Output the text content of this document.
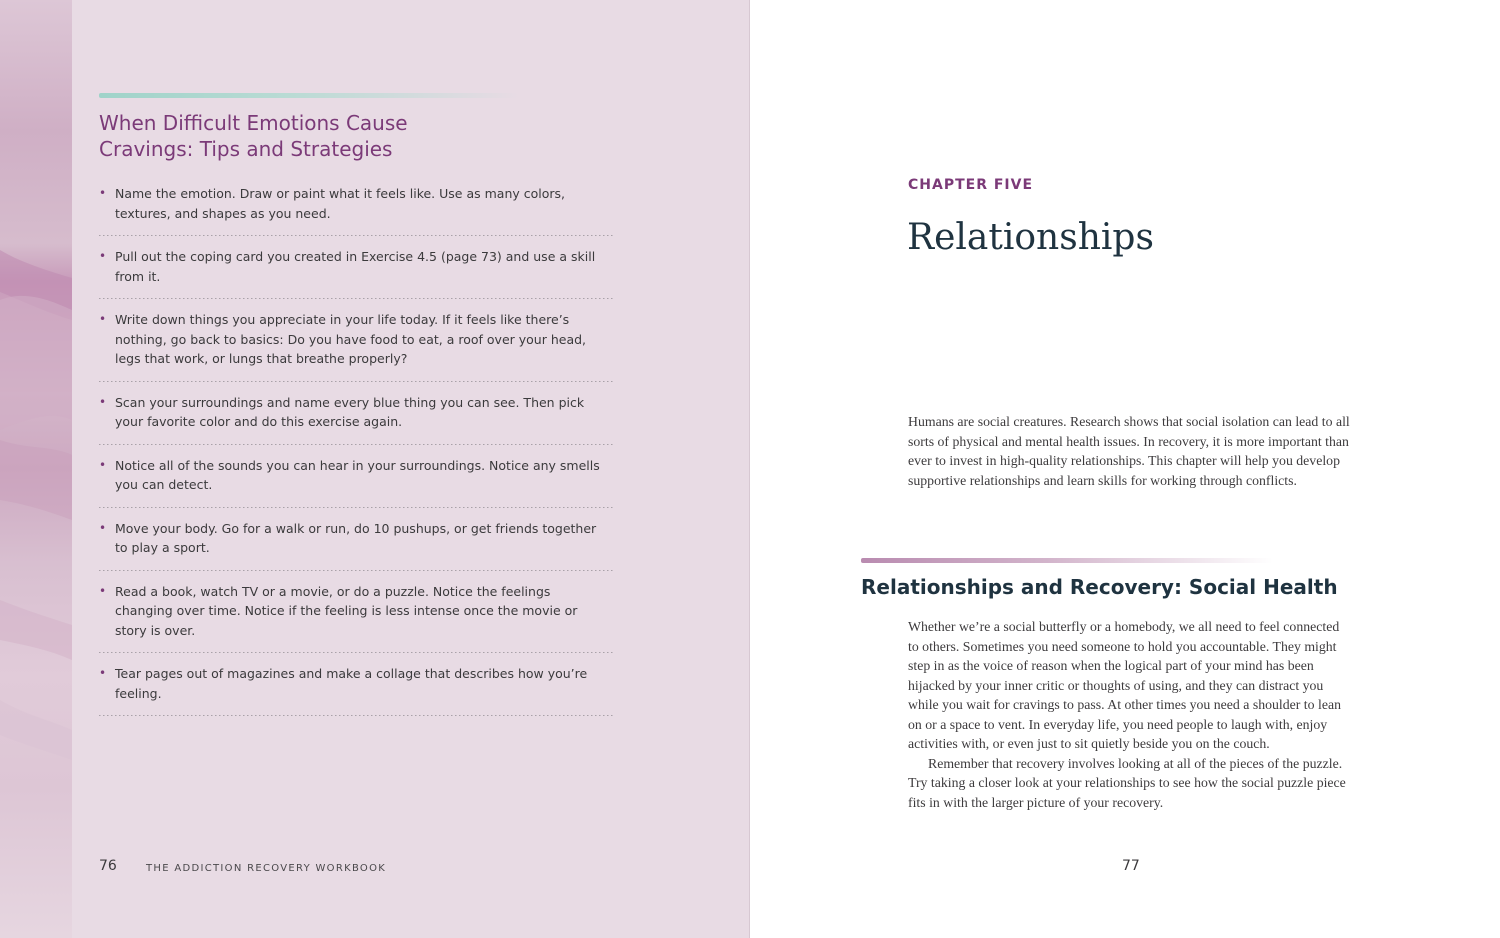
When Difficult Emotions Cause
Cravings: Tips and Strategies
• Name the emotion. Draw or paint what it feels like. Use as many colors, textures, and shapes as you need.
• Pull out the coping card you created in Exercise 4.5 (page 73) and use a skill from it.
• Write down things you appreciate in your life today. If it feels like there’s nothing, go back to basics: Do you have food to eat, a roof over your head, legs that work, or lungs that breathe properly?
• Scan your surroundings and name every blue thing you can see. Then pick your favorite color and do this exercise again.
• Notice all of the sounds you can hear in your surroundings. Notice any smells you can detect.
• Move your body. Go for a walk or run, do 10 pushups, or get friends together to play a sport.
• Read a book, watch TV or a movie, or do a puzzle. Notice the feelings changing over time. Notice if the feeling is less intense once the movie or story is over.
• Tear pages out of magazines and make a collage that describes how you’re feeling.
76	THE ADDICTION RECOVERY WORKBOOK
CHAPTER FIVE
Relationships

Humans are social creatures. Research shows that social isolation can lead to all sorts of physical and mental health issues. In recovery, it is more important than ever to invest in high-quality relationships. This chapter will help you develop supportive relationships and learn skills for working through conflicts.

Relationships and Recovery: Social Health

Whether we’re a social butterfly or a homebody, we all need to feel connected to others. Sometimes you need someone to hold you accountable. They might step in as the voice of reason when the logical part of your mind has been hijacked by your inner critic or thoughts of using, and they can distract you while you wait for cravings to pass. At other times you need a shoulder to lean on or a space to vent. In everyday life, you need people to laugh with, enjoy activities with, or even just to sit quietly beside you on the couch.

Remember that recovery involves looking at all of the pieces of the puzzle. Try taking a closer look at your relationships to see how the social puzzle piece fits in with the larger picture of your recovery.

77
